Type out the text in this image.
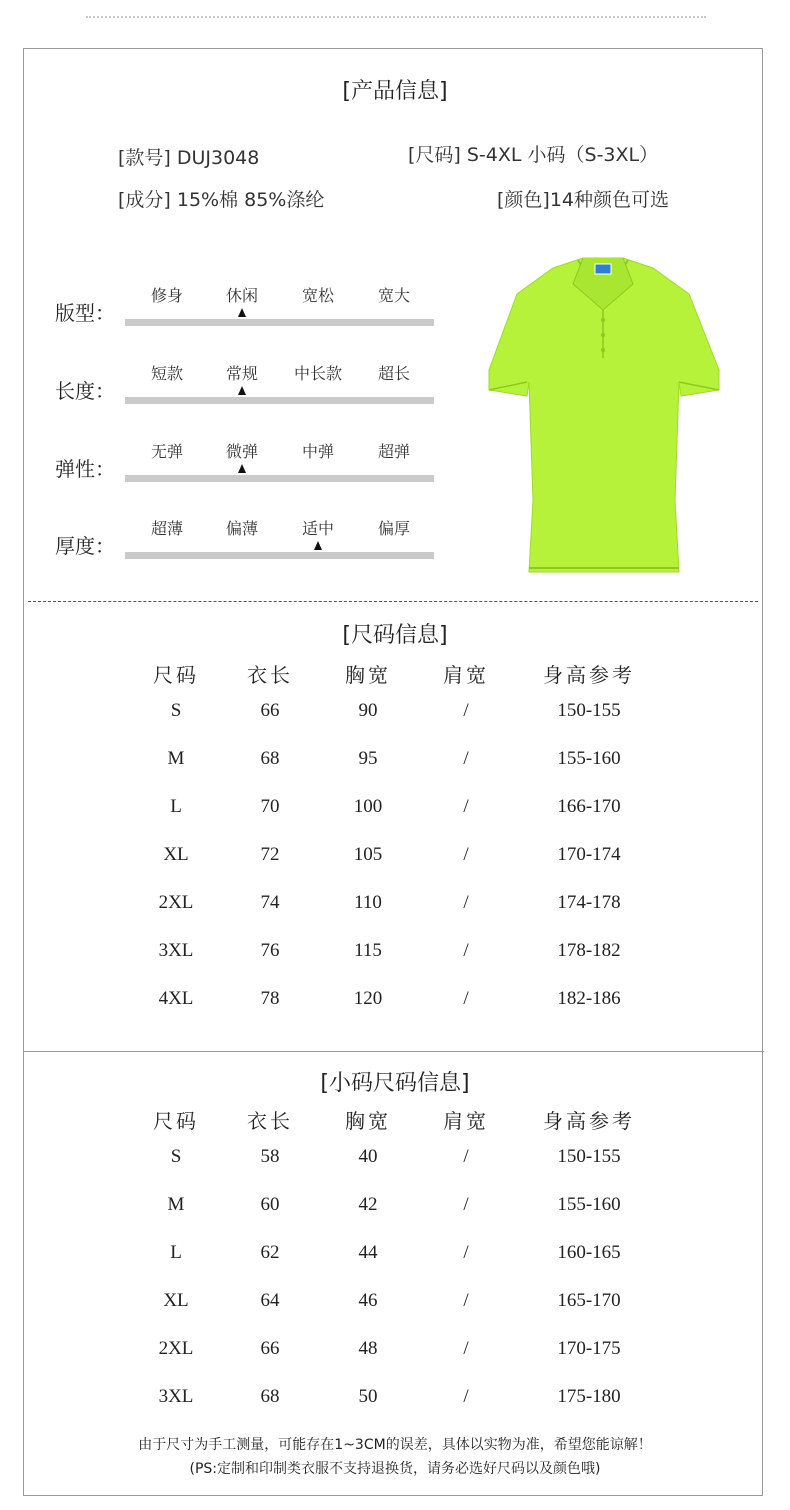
[产品信息]
[款号] DUJ3048	[尺码] S-4XL 小码（S-3XL）
[成分] 15%棉 85%涤纶	[颜色]14种颜色可选
版型：
修身	休闲	宽松	宽大
长度：
短款	常规	中长款	超长
弹性：
无弹	微弹	中弹	超弹
厚度：
超薄	偏薄	适中	偏厚
[尺码信息]
尺码	衣长	胸宽	肩宽	身高参考
S	66	90	/	150-155
M	68	95	/	155-160
L	70	100	/	166-170
XL	72	105	/	170-174
2XL	74	110	/	174-178
3XL	76	115	/	178-182
4XL	78	120	/	182-186
[小码尺码信息]
尺码	衣长	胸宽	肩宽	身高参考
S	58	40	/	150-155
M	60	42	/	155-160
L	62	44	/	160-165
XL	64	46	/	165-170
2XL	66	48	/	170-175
3XL	68	50	/	175-180
由于尺寸为手工测量，可能存在1~3CM的误差，具体以实物为准，希望您能谅解！
(PS:定制和印制类衣服不支持退换货，请务必选好尺码以及颜色哦)
